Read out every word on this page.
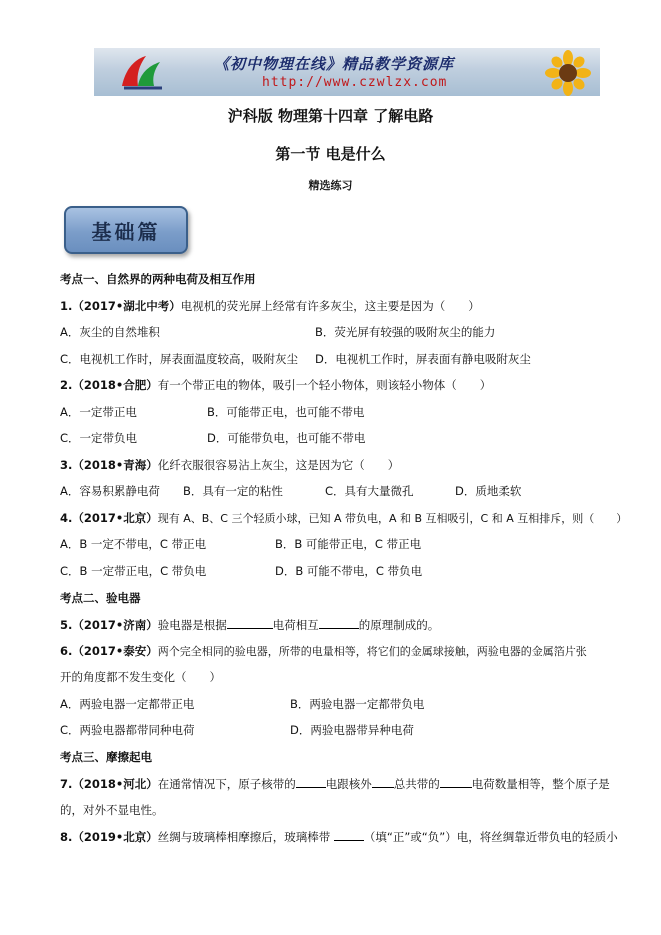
《初中物理在线》精品教学资源库
http://www.czwlzx.com
沪科版 物理第十四章 了解电路
第一节 电是什么
精选练习
基础篇
考点一、自然界的两种电荷及相互作用
1.（2017•湖北中考）电视机的荧光屏上经常有许多灰尘，这主要是因为（　　）
A．灰尘的自然堆积	B．荧光屏有较强的吸附灰尘的能力
C．电视机工作时，屏表面温度较高，吸附灰尘 D．电视机工作时，屏表面有静电吸附灰尘
2.（2018•合肥）有一个带正电的物体，吸引一个轻小物体，则该轻小物体（　　）
A．一定带正电	B．可能带正电，也可能不带电
C．一定带负电	D．可能带负电，也可能不带电
3.（2018•青海）化纤衣服很容易沾上灰尘，这是因为它（　　）
A．容易积累静电荷 B．具有一定的粘性	C．具有大量微孔	D．质地柔软
4.（2017•北京）现有 A、B、C 三个轻质小球，已知 A 带负电，A 和 B 互相吸引，C 和 A 互相排斥，则（　　）
A．B 一定不带电，C 带正电	B．B 可能带正电，C 带正电
C．B 一定带正电，C 带负电	D．B 可能不带电，C 带负电
考点二、验电器
5.（2017•济南）验电器是根据	电荷相互	的原理制成的。
6.（2017•泰安）两个完全相同的验电器，所带的电量相等，将它们的金属球接触，两验电器的金属箔片张
开的角度都不发生变化（　　）
A．两验电器一定都带正电	B．两验电器一定都带负电
C．两验电器都带同种电荷	D．两验电器带异种电荷
考点三、摩擦起电
7.（2018•河北）在通常情况下，原子核带的	电跟核外 总共带的	电荷数量相等，整个原子是
的，对外不显电性。
8.（2019•北京）丝绸与玻璃棒相摩擦后，玻璃棒带	（填“正”或“负”）电，将丝绸靠近带负电的轻质小
